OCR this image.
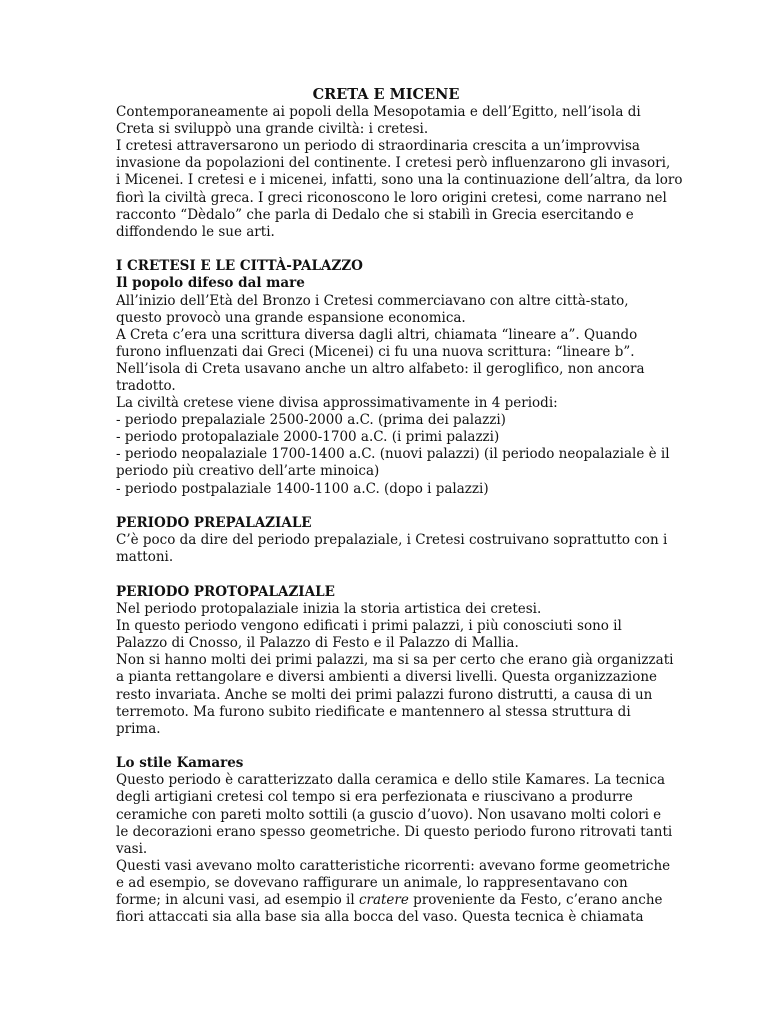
CRETA E MICENE
Contemporaneamente ai popoli della Mesopotamia e dell’Egitto, nell’isola di
Creta si sviluppò una grande civiltà: i cretesi.
I cretesi attraversarono un periodo di straordinaria crescita a un’improvvisa
invasione da popolazioni del continente. I cretesi però influenzarono gli invasori,
i Micenei. I cretesi e i micenei, infatti, sono una la continuazione dell’altra, da loro
fiorì la civiltà greca. I greci riconoscono le loro origini cretesi, come narrano nel
racconto “Dèdalo” che parla di Dedalo che si stabilì in Grecia esercitando e
diffondendo le sue arti.
I CRETESI E LE CITTÀ-PALAZZO
Il popolo difeso dal mare
All’inizio dell’Età del Bronzo i Cretesi commerciavano con altre città-stato,
questo provocò una grande espansione economica.
A Creta c’era una scrittura diversa dagli altri, chiamata “lineare a”. Quando
furono influenzati dai Greci (Micenei) ci fu una nuova scrittura: “lineare b”.
Nell’isola di Creta usavano anche un altro alfabeto: il geroglifico, non ancora
tradotto.
La civiltà cretese viene divisa approssimativamente in 4 periodi:
- periodo prepalaziale 2500-2000 a.C. (prima dei palazzi)
- periodo protopalaziale 2000-1700 a.C. (i primi palazzi)
- periodo neopalaziale 1700-1400 a.C. (nuovi palazzi) (il periodo neopalaziale è il
periodo più creativo dell’arte minoica)
- periodo postpalaziale 1400-1100 a.C. (dopo i palazzi)
PERIODO PREPALAZIALE
C’è poco da dire del periodo prepalaziale, i Cretesi costruivano soprattutto con i
mattoni.
PERIODO PROTOPALAZIALE
Nel periodo protopalaziale inizia la storia artistica dei cretesi.
In questo periodo vengono edificati i primi palazzi, i più conosciuti sono il
Palazzo di Cnosso, il Palazzo di Festo e il Palazzo di Mallia.
Non si hanno molti dei primi palazzi, ma si sa per certo che erano già organizzati
a pianta rettangolare e diversi ambienti a diversi livelli. Questa organizzazione
resto invariata. Anche se molti dei primi palazzi furono distrutti, a causa di un
terremoto. Ma furono subito riedificate e mantennero al stessa struttura di
prima.
Lo stile Kamares
Questo periodo è caratterizzato dalla ceramica e dello stile Kamares. La tecnica
degli artigiani cretesi col tempo si era perfezionata e riuscivano a produrre
ceramiche con pareti molto sottili (a guscio d’uovo). Non usavano molti colori e
le decorazioni erano spesso geometriche. Di questo periodo furono ritrovati tanti
vasi.
Questi vasi avevano molto caratteristiche ricorrenti: avevano forme geometriche
e ad esempio, se dovevano raffigurare un animale, lo rappresentavano con
forme; in alcuni vasi, ad esempio il cratere proveniente da Festo, c’erano anche
fiori attaccati sia alla base sia alla bocca del vaso. Questa tecnica è chiamata
